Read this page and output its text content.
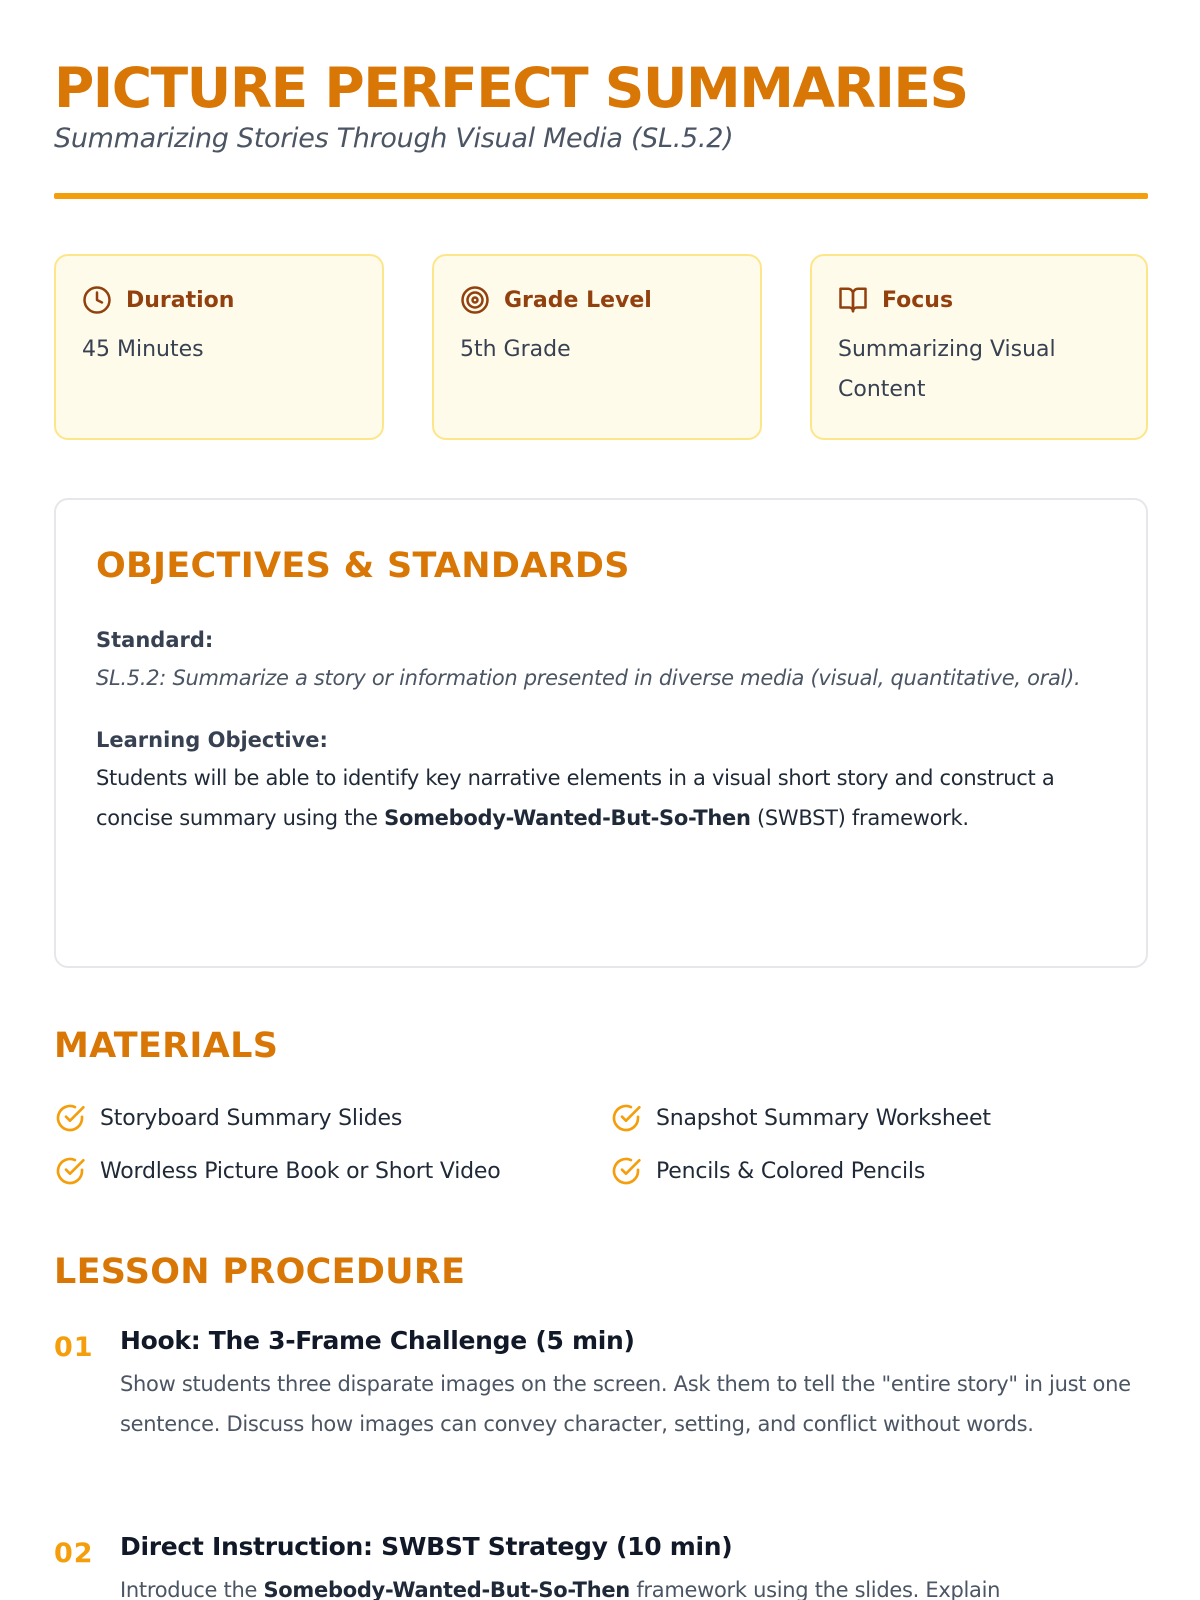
PICTURE PERFECT SUMMARIES
Summarizing Stories Through Visual Media (SL.5.2)
Duration
45 Minutes
Grade Level
5th Grade
Focus
Summarizing Visual Content
OBJECTIVES & STANDARDS
Standard:
SL.5.2: Summarize a story or information presented in diverse media (visual, quantitative, oral).
Learning Objective:
Students will be able to identify key narrative elements in a visual short story and construct a concise summary using the Somebody-Wanted-But-So-Then (SWBST) framework.
MATERIALS
Storyboard Summary Slides	Snapshot Summary Worksheet
Wordless Picture Book or Short Video	Pencils & Colored Pencils
LESSON PROCEDURE
01 Hook: The 3-Frame Challenge (5 min)
Show students three disparate images on the screen. Ask them to tell the "entire story" in just one sentence. Discuss how images can convey character, setting, and conflict without words.
02 Direct Instruction: SWBST Strategy (10 min)
Introduce the Somebody-Wanted-But-So-Then framework using the slides. Explain
